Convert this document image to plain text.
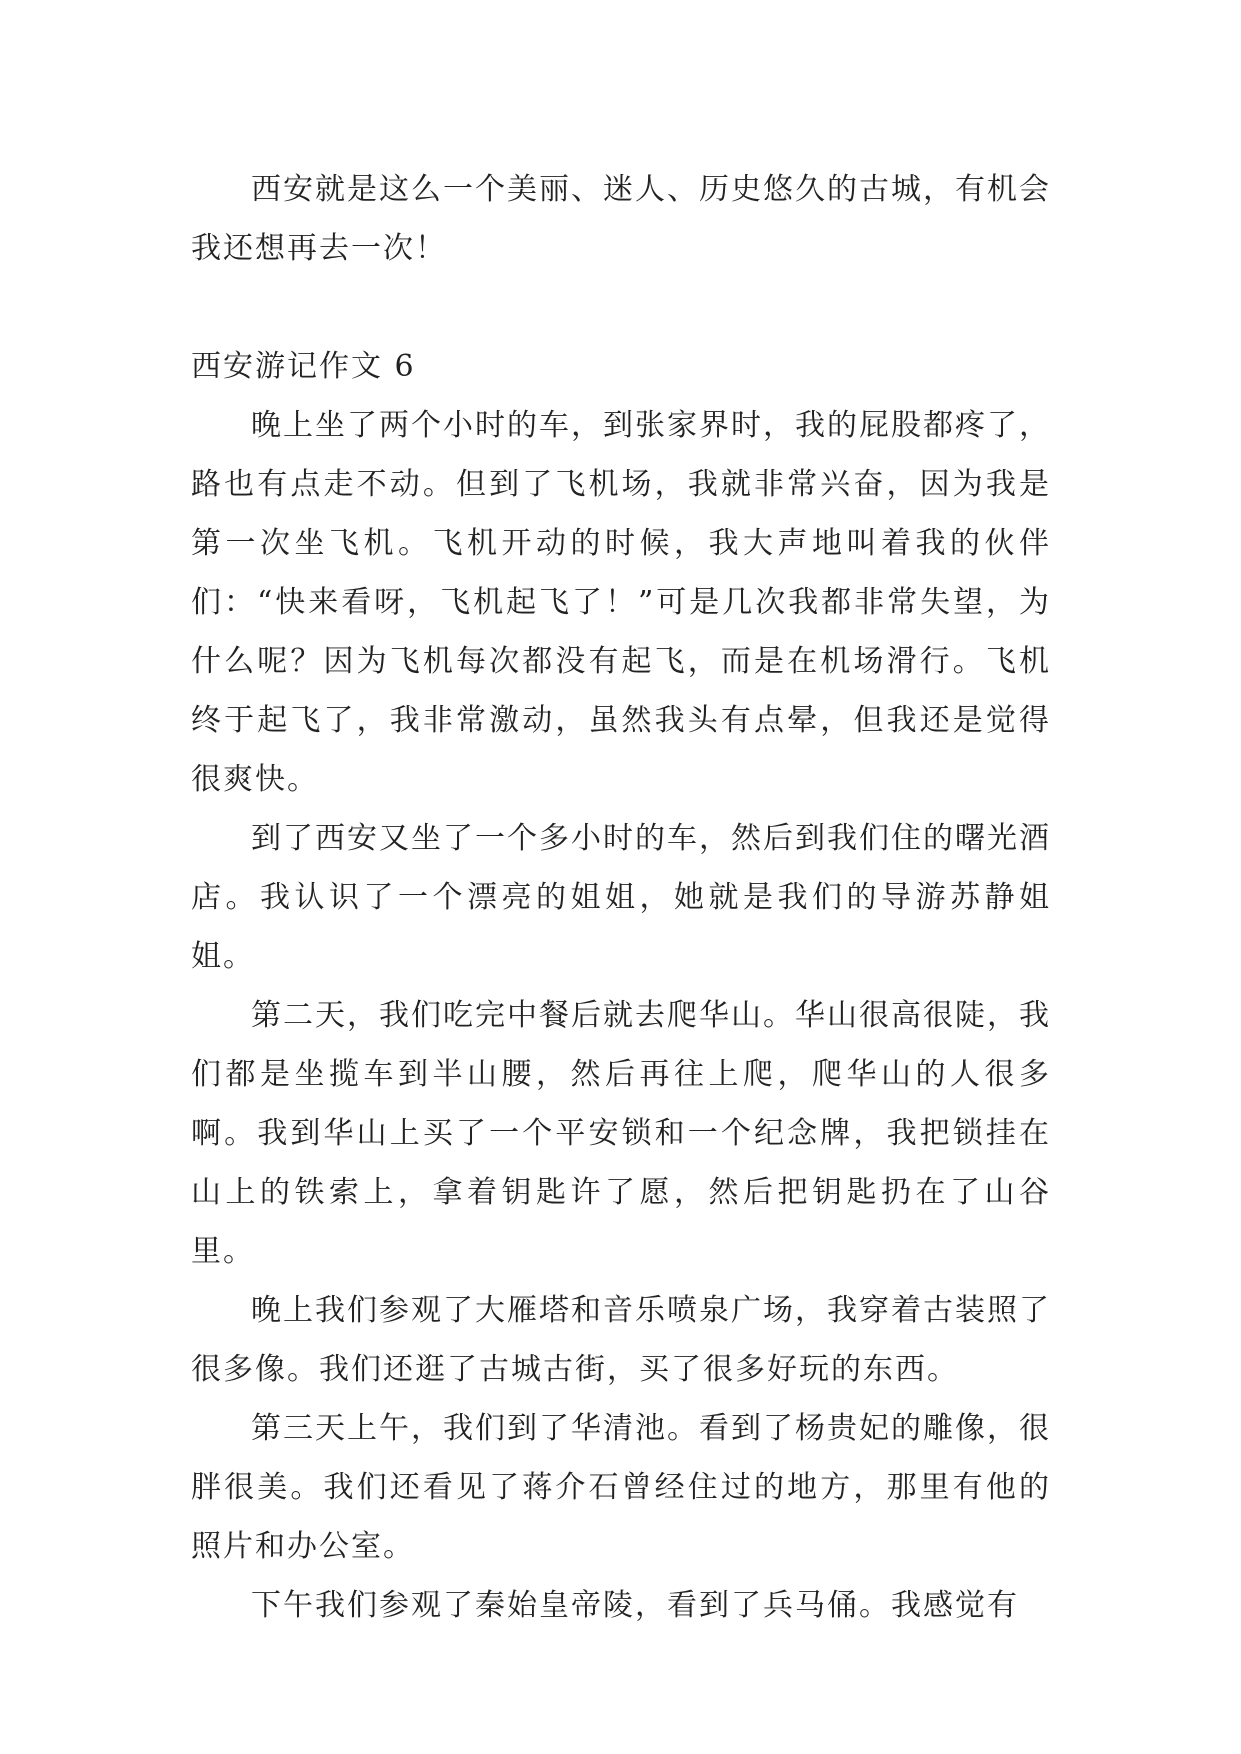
西安就是这么一个美丽、迷人、历史悠久的古城，有机会我还想再去一次！

西安游记作文 6

晚上坐了两个小时的车，到张家界时，我的屁股都疼了，路也有点走不动。但到了飞机场，我就非常兴奋，因为我是第一次坐飞机。飞机开动的时候，我大声地叫着我的伙伴们：“快来看呀，飞机起飞了！”可是几次我都非常失望，为什么呢？因为飞机每次都没有起飞，而是在机场滑行。飞机终于起飞了，我非常激动，虽然我头有点晕，但我还是觉得很爽快。

到了西安又坐了一个多小时的车，然后到我们住的曙光酒店。我认识了一个漂亮的姐姐，她就是我们的导游苏静姐姐。

第二天，我们吃完中餐后就去爬华山。华山很高很陡，我们都是坐揽车到半山腰，然后再往上爬，爬华山的人很多啊。我到华山上买了一个平安锁和一个纪念牌，我把锁挂在山上的铁索上，拿着钥匙许了愿，然后把钥匙扔在了山谷里。

晚上我们参观了大雁塔和音乐喷泉广场，我穿着古装照了很多像。我们还逛了古城古街，买了很多好玩的东西。

第三天上午，我们到了华清池。看到了杨贵妃的雕像，很胖很美。我们还看见了蒋介石曾经住过的地方，那里有他的照片和办公室。

下午我们参观了秦始皇帝陵，看到了兵马俑。我感觉有
